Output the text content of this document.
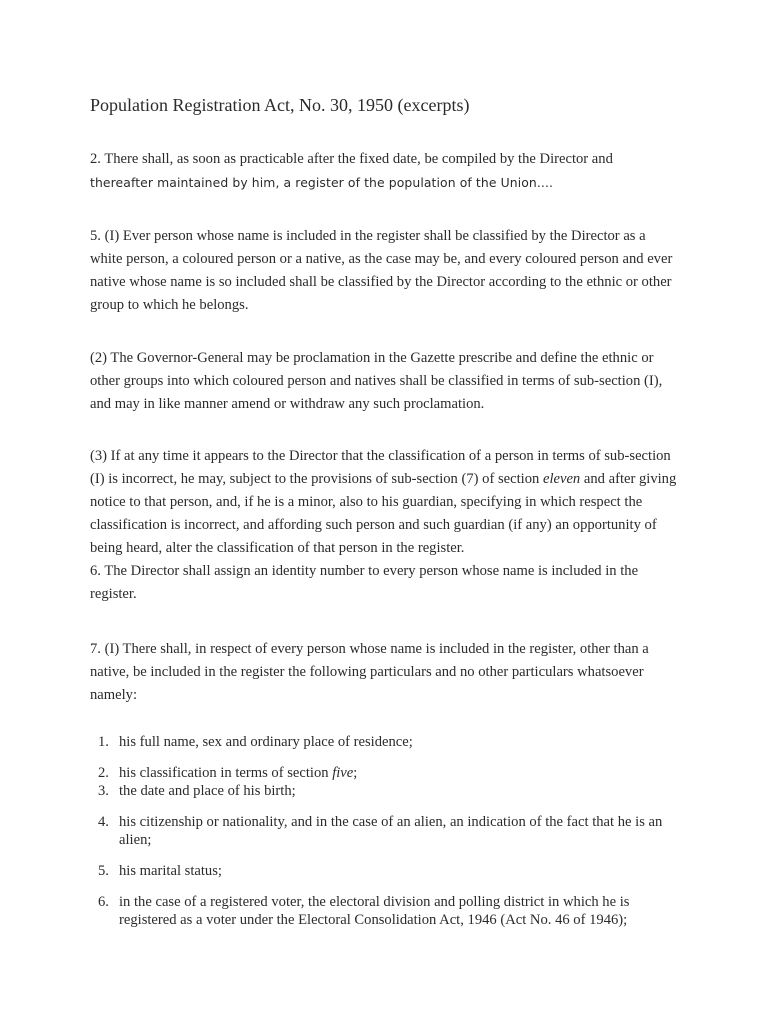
Population Registration Act, No. 30, 1950 (excerpts)
2. There shall, as soon as practicable after the fixed date, be compiled by the Director and
thereafter maintained by him, a register of the population of the Union....

5. (I) Ever person whose name is included in the register shall be classified by the Director as a white person, a coloured person or a native, as the case may be, and every coloured person and ever native whose name is so included shall be classified by the Director according to the ethnic or other group to which he belongs.

(2) The Governor-General may be proclamation in the Gazette prescribe and define the ethnic or other groups into which coloured person and natives shall be classified in terms of sub-section (I), and may in like manner amend or withdraw any such proclamation.

(3) If at any time it appears to the Director that the classification of a person in terms of sub-section (I) is incorrect, he may, subject to the provisions of sub-section (7) of section eleven and after giving notice to that person, and, if he is a minor, also to his guardian, specifying in which respect the classification is incorrect, and affording such person and such guardian (if any) an opportunity of being heard, alter the classification of that person in the register.

6. The Director shall assign an identity number to every person whose name is included in the register.

7. (I) There shall, in respect of every person whose name is included in the register, other than a native, be included in the register the following particulars and no other particulars whatsoever namely:

1. his full name, sex and ordinary place of residence;
2. his classification in terms of section five;
3. the date and place of his birth;
4. his citizenship or nationality, and in the case of an alien, an indication of the fact that he is an alien;
5. his marital status;
6. in the case of a registered voter, the electoral division and polling district in which he is registered as a voter under the Electoral Consolidation Act, 1946 (Act No. 46 of 1946);
